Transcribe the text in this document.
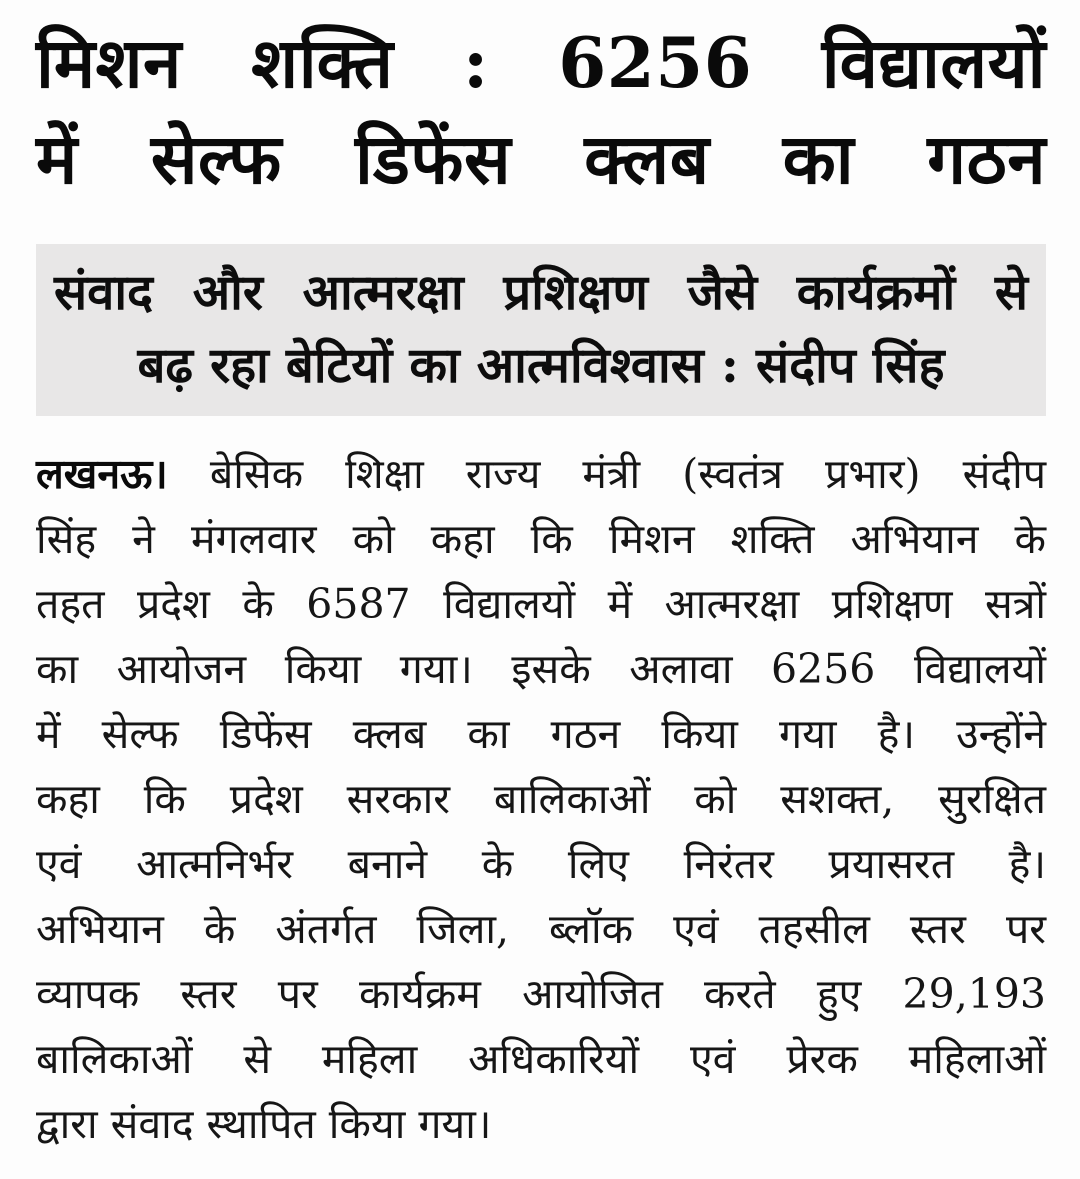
मिशन शक्ति : 6256 विद्यालयों
में सेल्फ डिफेंस क्लब का गठन
संवाद और आत्मरक्षा प्रशिक्षण जैसे कार्यक्रमों से
बढ़ रहा बेटियों का आत्मविश्वास : संदीप सिंह
लखनऊ। बेसिक शिक्षा राज्य मंत्री (स्वतंत्र प्रभार) संदीप
सिंह ने मंगलवार को कहा कि मिशन शक्ति अभियान के
तहत प्रदेश के 6587 विद्यालयों में आत्मरक्षा प्रशिक्षण सत्रों
का आयोजन किया गया। इसके अलावा 6256 विद्यालयों
में सेल्फ डिफेंस क्लब का गठन किया गया है। उन्होंने
कहा कि प्रदेश सरकार बालिकाओं को सशक्त, सुरक्षित
एवं आत्मनिर्भर बनाने के लिए निरंतर प्रयासरत है।
अभियान के अंतर्गत जिला, ब्लॉक एवं तहसील स्तर पर
व्यापक स्तर पर कार्यक्रम आयोजित करते हुए 29,193
बालिकाओं से महिला अधिकारियों एवं प्रेरक महिलाओं
द्वारा संवाद स्थापित किया गया।
